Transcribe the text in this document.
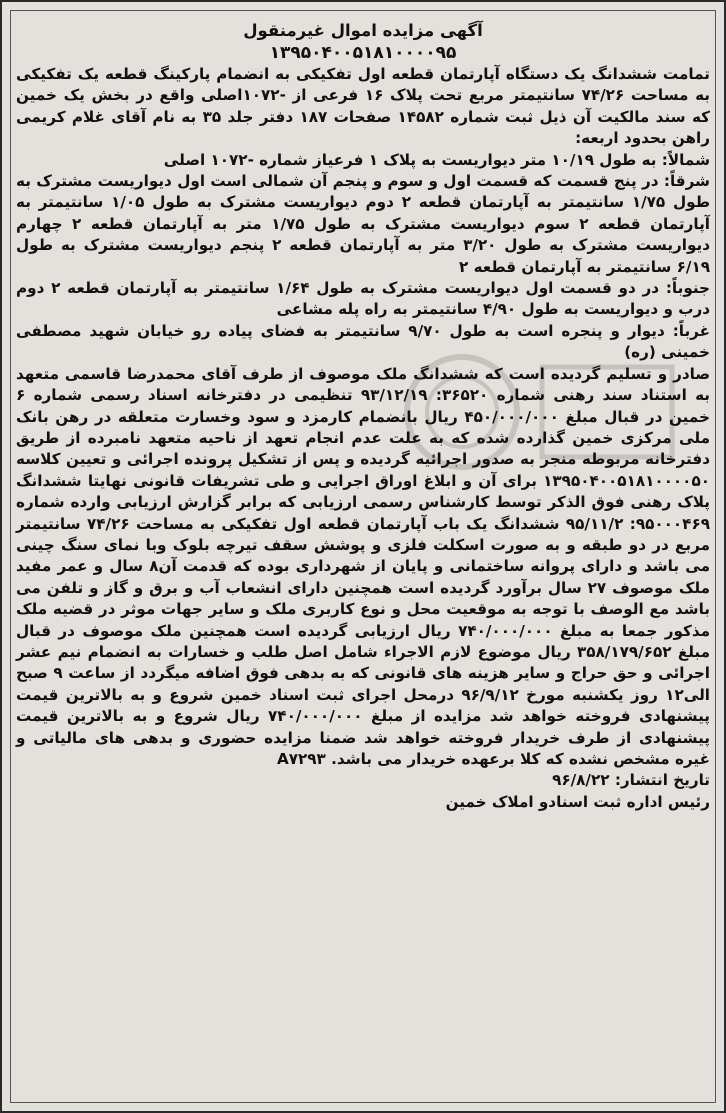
آگهی مزایده اموال غیرمنقول

۱۳۹۵۰۴۰۰۵۱۸۱۰۰۰۰۹۵

تمامت ششدانگ یک دستگاه آپارتمان قطعه اول تفکیکی به انضمام پارکینگ قطعه یک تفکیکی به مساحت ۷۴/۲۶ سانتیمتر مربع تحت پلاک ۱۶ فرعی از -۱۰۷۲اصلی واقع در بخش یک خمین که سند مالکیت آن ذیل ثبت شماره ۱۴۵۸۲ صفحات ۱۸۷ دفتر جلد ۳۵ به نام آقای غلام کریمی راهن بحدود اربعه:

شمالاً: به طول ۱۰/۱۹ متر دیواریست به پلاک ۱ فرعیاز شماره -۱۰۷۲ اصلی

شرقاً: در پنج قسمت که قسمت اول و سوم و پنجم آن شمالی است اول دیواریست مشترک به طول ۱/۷۵ سانتیمتر به آپارتمان قطعه ۲ دوم دیواریست مشترک به طول ۱/۰۵ سانتیمتر به آپارتمان قطعه ۲ سوم دیواریست مشترک به طول ۱/۷۵ متر به آپارتمان قطعه ۲ چهارم دیواریست مشترک به طول ۳/۲۰ متر به آپارتمان قطعه ۲ پنجم دیواریست مشترک به طول ۶/۱۹ سانتیمتر به آپارتمان قطعه ۲

جنوباً: در دو قسمت اول دیواریست مشترک به طول ۱/۶۴ سانتیمتر به آپارتمان قطعه ۲ دوم درب و دیواریست به طول ۴/۹۰ سانتیمتر به راه پله مشاعی

غرباً: دیوار و پنجره است به طول ۹/۷۰ سانتیمتر به فضای پیاده رو خیابان شهید مصطفی خمینی (ره)

صادر و تسلیم گردیده است که ششدانگ ملک موصوف از طرف آقای محمدرضا قاسمی متعهد به استناد سند رهنی شماره ۳۶۵۲۰: ۹۳/۱۲/۱۹ تنظیمی در دفترخانه اسناد رسمی شماره ۶ خمین در قبال مبلغ ۴۵۰/۰۰۰/۰۰۰ ریال بانضمام کارمزد و سود وخسارت متعلقه در رهن بانک ملی مرکزی خمین گذارده شده که به علت عدم انجام تعهد از ناحیه متعهد نامبرده از طریق دفترخانه مربوطه منجر به صدور اجرائیه گردیده و پس از تشکیل پرونده اجرائی و تعیین کلاسه ۱۳۹۵۰۴۰۰۵۱۸۱۰۰۰۰۵۰ برای آن و ابلاغ اوراق اجرایی و طی تشریفات قانونی نهایتا ششدانگ پلاک رهنی فوق الذکر توسط کارشناس رسمی ارزیابی که برابر گزارش ارزیابی وارده شماره ۹۵۰۰۰۴۶۹: ۹۵/۱۱/۲ ششدانگ یک باب آپارتمان قطعه اول تفکیکی به مساحت ۷۴/۲۶ سانتیمتر مربع در دو طبقه و به صورت اسکلت فلزی و پوشش سقف تیرچه بلوک وبا نمای سنگ چینی می باشد و دارای پروانه ساختمانی و پایان از شهرداری بوده که قدمت آن۸ سال و عمر مفید ملک موصوف ۲۷ سال برآورد گردیده است همچنین دارای انشعاب آب و برق و گاز و تلفن می باشد مع الوصف با توجه به موقعیت محل و نوع کاربری ملک و سایر جهات موثر در قضیه ملک مذکور جمعا به مبلغ ۷۴۰/۰۰۰/۰۰۰ ریال ارزیابی گردیده است همچنین ملک موصوف در قبال مبلغ ۳۵۸/۱۷۹/۶۵۲ ریال موضوع لازم الاجراء شامل اصل طلب و خسارات به انضمام نیم عشر اجرائی و حق حراج و سایر هزینه های قانونی که به بدهی فوق اضافه میگردد از ساعت ۹ صبح الی۱۲ روز یکشنبه مورخ ۹۶/۹/۱۲ درمحل اجرای ثبت اسناد خمین شروع و به بالاترین قیمت پیشنهادی فروخته خواهد شد مزایده از مبلغ ۷۴۰/۰۰۰/۰۰۰ ریال شروع و به بالاترین قیمت پیشنهادی از طرف خریدار فروخته خواهد شد ضمنا مزایده حضوری و بدهی های مالیاتی و غیره مشخص نشده که کلا برعهده خریدار می باشد. A۷۲۹۳

تاریخ انتشار: ۹۶/۸/۲۲

رئیس اداره ثبت اسنادو املاک خمین
